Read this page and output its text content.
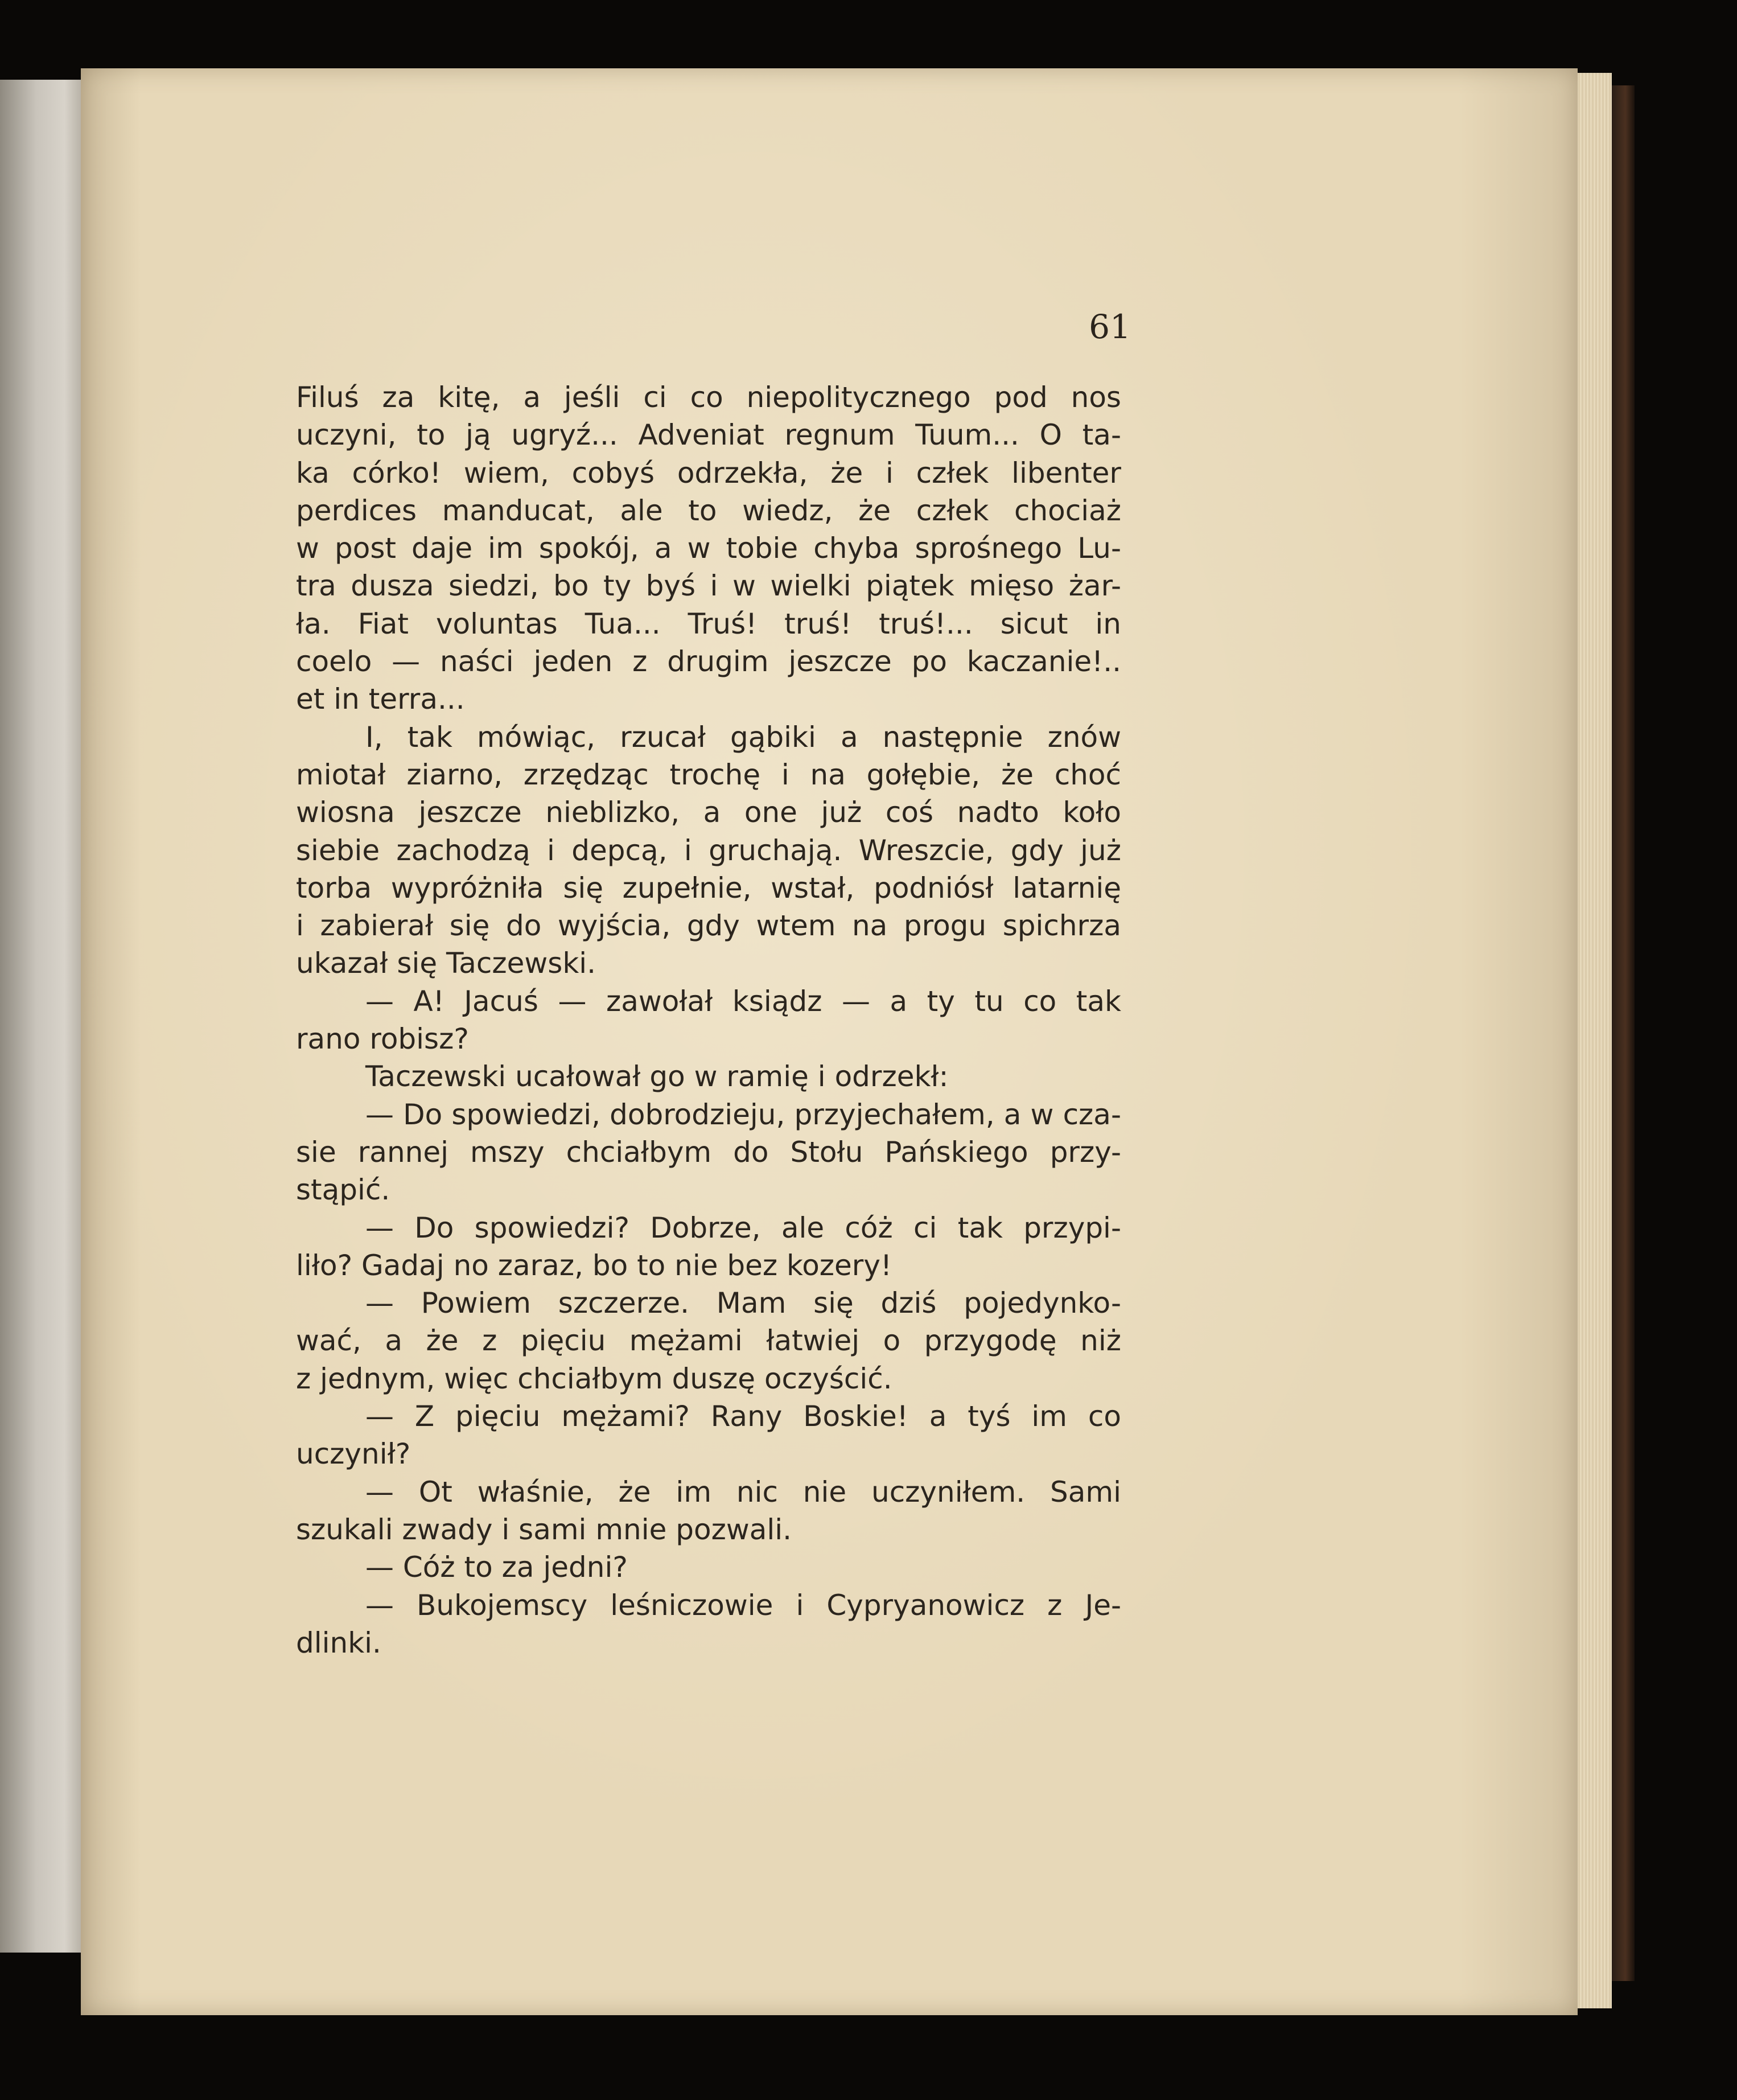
61
Filuś za kitę, a jeśli ci co niepolitycznego pod nos
uczyni, to ją ugryź... Adveniat regnum Tuum... O ta-
ka córko! wiem, cobyś odrzekła, że i człek libenter
perdices manducat, ale to wiedz, że człek chociaż
w post daje im spokój, a w tobie chyba sprośnego Lu-
tra dusza siedzi, bo ty byś i w wielki piątek mięso żar-
ła. Fiat voluntas Tua... Truś! truś! truś!... sicut in
coelo — naści jeden z drugim jeszcze po kaczanie!..
et in terra...
I, tak mówiąc, rzucał gąbiki a następnie znów
miotał ziarno, zrzędząc trochę i na gołębie, że choć
wiosna jeszcze nieblizko, a one już coś nadto koło
siebie zachodzą i depcą, i gruchają. Wreszcie, gdy już
torba wypróżniła się zupełnie, wstał, podniósł latarnię
i zabierał się do wyjścia, gdy wtem na progu spichrza
ukazał się Taczewski.
— A! Jacuś — zawołał ksiądz — a ty tu co tak
rano robisz?
Taczewski ucałował go w ramię i odrzekł:
— Do spowiedzi, dobrodzieju, przyjechałem, a w cza-
sie rannej mszy chciałbym do Stołu Pańskiego przy-
stąpić.
— Do spowiedzi? Dobrze, ale cóż ci tak przypi-
liło? Gadaj no zaraz, bo to nie bez kozery!
— Powiem szczerze. Mam się dziś pojedynko-
wać, a że z pięciu mężami łatwiej o przygodę niż
z jednym, więc chciałbym duszę oczyścić.
— Z pięciu mężami? Rany Boskie! a tyś im co
uczynił?
— Ot właśnie, że im nic nie uczyniłem. Sami
szukali zwady i sami mnie pozwali.
— Cóż to za jedni?
— Bukojemscy leśniczowie i Cypryanowicz z Je-
dlinki.
